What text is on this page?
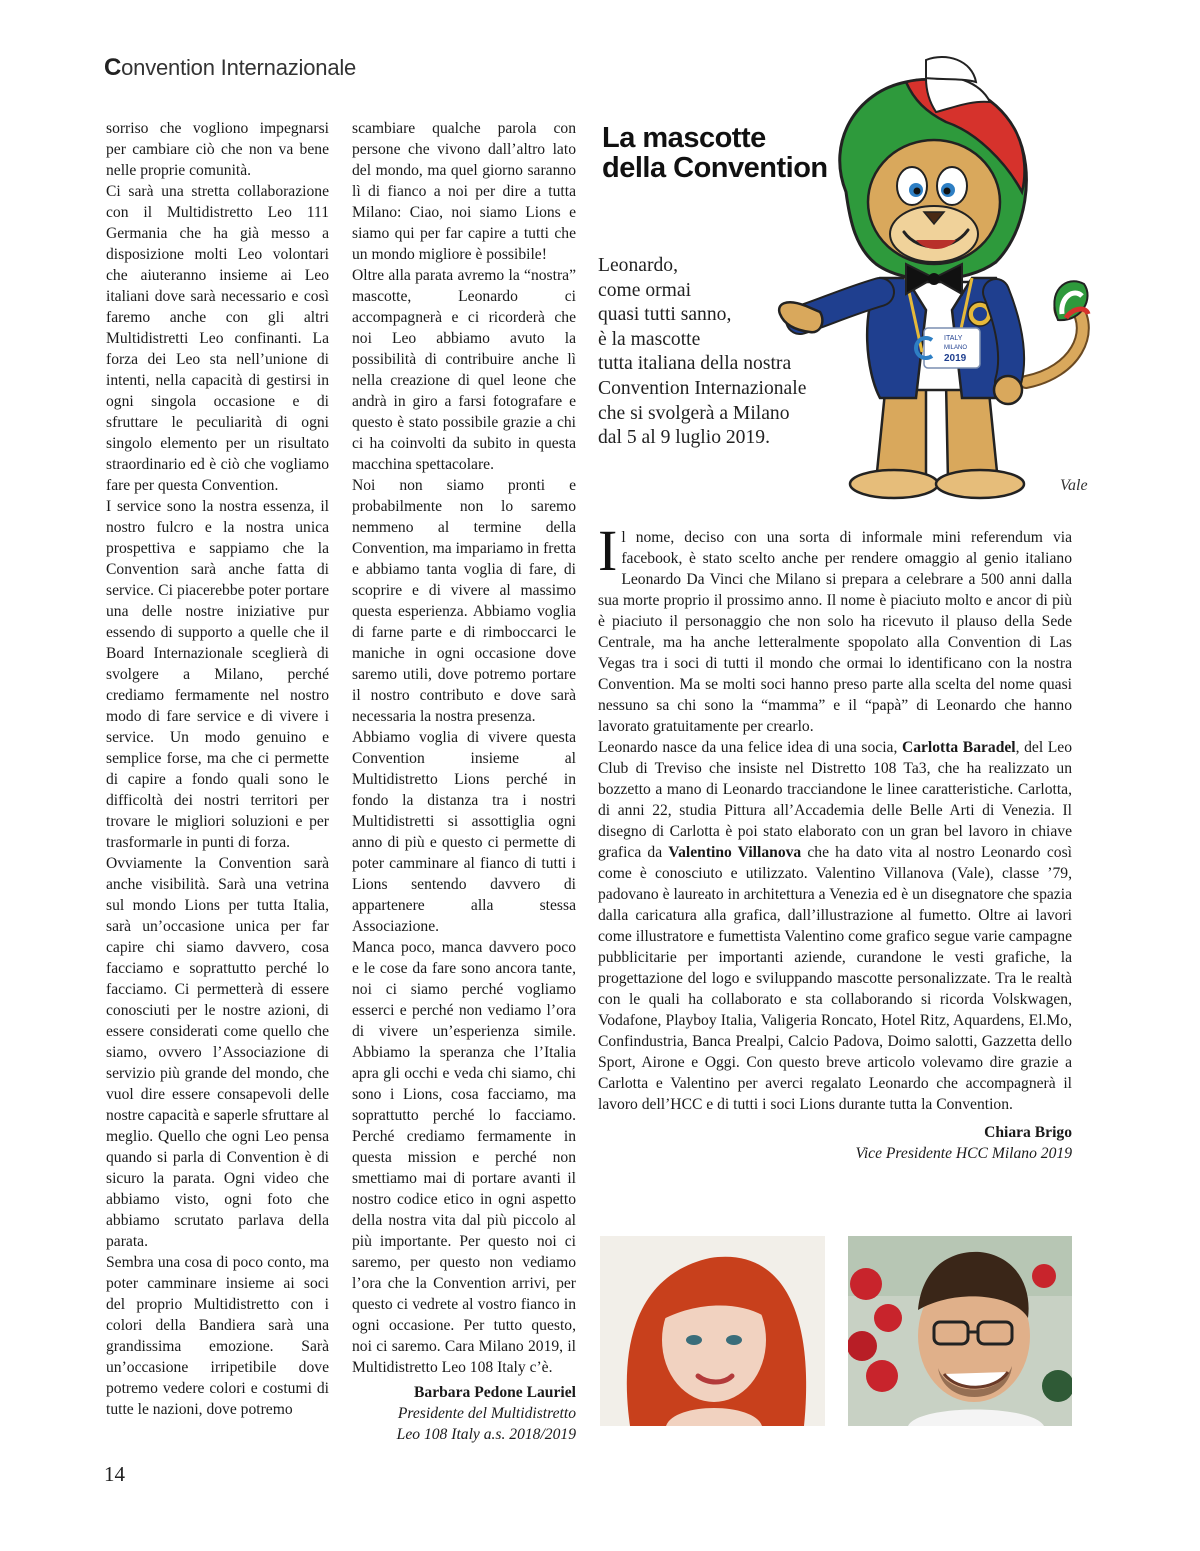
Convention Internazionale

sorriso che vogliono impegnarsi per cambiare ciò che non va bene nelle proprie comunità.

Ci sarà una stretta collaborazione con il Multidistretto Leo 111 Germania che ha già messo a disposizione molti Leo volontari che aiuteranno insieme ai Leo italiani dove sarà necessario e così faremo anche con gli altri Multidistretti Leo confinanti. La forza dei Leo sta nell’unione di intenti, nella capacità di gestirsi in ogni singola occasione e di sfruttare le peculiarità di ogni singolo elemento per un risultato straordinario ed è ciò che vogliamo fare per questa Convention.

I service sono la nostra essenza, il nostro fulcro e la nostra unica prospettiva e sappiamo che la Convention sarà anche fatta di service. Ci piacerebbe poter portare una delle nostre iniziative pur essendo di supporto a quelle che il Board Internazionale sceglierà di svolgere a Milano, perché crediamo fermamente nel nostro modo di fare service e di vivere i service. Un modo genuino e semplice forse, ma che ci permette di capire a fondo quali sono le difficoltà dei nostri territori per trovare le migliori soluzioni e per trasformarle in punti di forza.

Ovviamente la Convention sarà anche visibilità. Sarà una vetrina sul mondo Lions per tutta Italia, sarà un’occasione unica per far capire chi siamo davvero, cosa facciamo e soprattutto perché lo facciamo. Ci permetterà di essere conosciuti per le nostre azioni, di essere considerati come quello che siamo, ovvero l’Associazione di servizio più grande del mondo, che vuol dire essere consapevoli delle nostre capacità e saperle sfruttare al meglio. Quello che ogni Leo pensa quando si parla di Convention è di sicuro la parata. Ogni video che abbiamo visto, ogni foto che abbiamo scrutato parlava della parata.

Sembra una cosa di poco conto, ma poter camminare insieme ai soci del proprio Multidistretto con i colori della Bandiera sarà una grandissima emozione. Sarà un’occasione irripetibile dove potremo vedere colori e costumi di tutte le nazioni, dove potremo

scambiare qualche parola con persone che vivono dall’altro lato del mondo, ma quel giorno saranno lì di fianco a noi per dire a tutta Milano: Ciao, noi siamo Lions e siamo qui per far capire a tutti che un mondo migliore è possibile!

Oltre alla parata avremo la “nostra” mascotte, Leonardo ci accompagnerà e ci ricorderà che noi Leo abbiamo avuto la possibilità di contribuire anche lì nella creazione di quel leone che andrà in giro a farsi fotografare e questo è stato possibile grazie a chi ci ha coinvolti da subito in questa macchina spettacolare.

Noi non siamo pronti e probabilmente non lo saremo nemmeno al termine della Convention, ma impariamo in fretta e abbiamo tanta voglia di fare, di scoprire e di vivere al massimo questa esperienza. Abbiamo voglia di farne parte e di rimboccarci le maniche in ogni occasione dove saremo utili, dove potremo portare il nostro contributo e dove sarà necessaria la nostra presenza.

Abbiamo voglia di vivere questa Convention insieme al Multidistretto Lions perché in fondo la distanza tra i nostri Multidistretti si assottiglia ogni anno di più e questo ci permette di poter camminare al fianco di tutti i Lions sentendo davvero di appartenere alla stessa Associazione.

Manca poco, manca davvero poco e le cose da fare sono ancora tante, noi ci siamo perché vogliamo esserci e perché non vediamo l’ora di vivere un’esperienza simile. Abbiamo la speranza che l’Italia apra gli occhi e veda chi siamo, chi sono i Lions, cosa facciamo, ma soprattutto perché lo facciamo. Perché crediamo fermamente in questa mission e perché non smettiamo mai di portare avanti il nostro codice etico in ogni aspetto della nostra vita dal più piccolo al più importante. Per questo noi ci saremo, per questo non vediamo l’ora che la Convention arrivi, per questo ci vedrete al vostro fianco in ogni occasione. Per tutto questo, noi ci saremo. Cara Milano 2019, il Multidistretto Leo 108 Italy c’è.

Barbara Pedone Lauriel
Presidente del Multidistretto
Leo 108 Italy a.s. 2018/2019
La mascotte
della Convention
Leonardo,
come ormai
quasi tutti sanno,
è la mascotte
tutta italiana della nostra
Convention Internazionale
che si svolgerà a Milano
dal 5 al 9 luglio 2019.
ITALY
MILANO
2019
Vale

Il nome, deciso con una sorta di informale mini referendum via facebook, è stato scelto anche per rendere omaggio al genio italiano Leonardo Da Vinci che Milano si prepara a celebrare a 500 anni dalla sua morte proprio il prossimo anno. Il nome è piaciuto molto e ancor di più è piaciuto il personaggio che non solo ha ricevuto il plauso della Sede Centrale, ma ha anche letteralmente spopolato alla Convention di Las Vegas tra i soci di tutti il mondo che ormai lo identificano con la nostra Convention. Ma se molti soci hanno preso parte alla scelta del nome quasi nessuno sa chi sono la “mamma” e il “papà” di Leonardo che hanno lavorato gratuitamente per crearlo.

Leonardo nasce da una felice idea di una socia, Carlotta Baradel, del Leo Club di Treviso che insiste nel Distretto 108 Ta3, che ha realizzato un bozzetto a mano di Leonardo tracciandone le linee caratteristiche. Carlotta, di anni 22, studia Pittura all’Accademia delle Belle Arti di Venezia. Il disegno di Carlotta è poi stato elaborato con un gran bel lavoro in chiave grafica da Valentino Villanova che ha dato vita al nostro Leonardo così come è conosciuto e utilizzato. Valentino Villanova (Vale), classe ’79, padovano è laureato in architettura a Venezia ed è un disegnatore che spazia dalla caricatura alla grafica, dall’illustrazione al fumetto. Oltre ai lavori come illustratore e fumettista Valentino come grafico segue varie campagne pubblicitarie per importanti aziende, curandone le vesti grafiche, la progettazione del logo e sviluppando mascotte personalizzate. Tra le realtà con le quali ha collaborato e sta collaborando si ricorda Volskwagen, Vodafone, Playboy Italia, Valigeria Roncato, Hotel Ritz, Aquardens, El.Mo, Confindustria, Banca Prealpi, Calcio Padova, Doimo salotti, Gazzetta dello Sport, Airone e Oggi. Con questo breve articolo volevamo dire grazie a Carlotta e Valentino per averci regalato Leonardo che accompagnerà il lavoro dell’HCC e di tutti i soci Lions durante tutta la Convention.

Chiara Brigo
Vice Presidente HCC Milano 2019
14
